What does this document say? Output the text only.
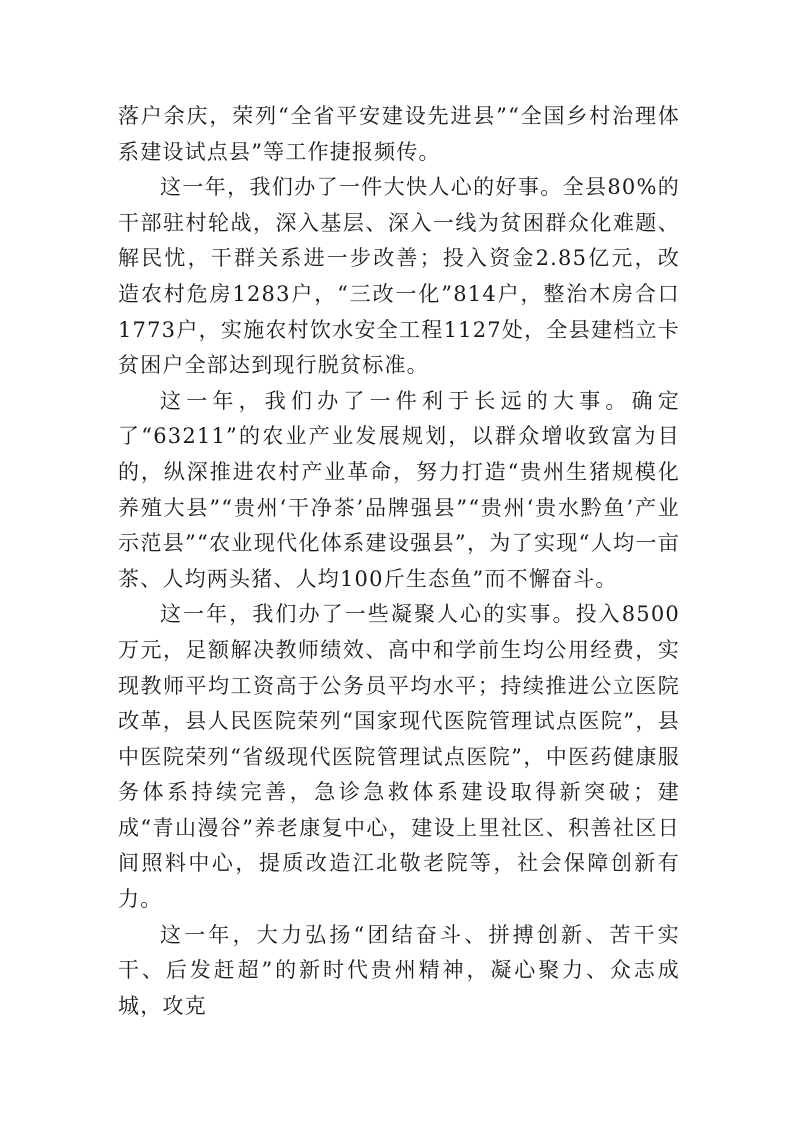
落户余庆，荣列“全省平安建设先进县”“全国乡村治理体系建设试点县”等工作捷报频传。

这一年，我们办了一件大快人心的好事。全县80%的干部驻村轮战，深入基层、深入一线为贫困群众化难题、解民忧，干群关系进一步改善；投入资金2.85亿元，改造农村危房1283户，“三改一化”814户，整治木房合口1773户，实施农村饮水安全工程1127处，全县建档立卡贫困户全部达到现行脱贫标准。

这一年，我们办了一件利于长远的大事。确定了“63211”的农业产业发展规划，以群众增收致富为目的，纵深推进农村产业革命，努力打造“贵州生猪规模化养殖大县”“贵州‘干净茶’品牌强县”“贵州‘贵水黔鱼’产业示范县”“农业现代化体系建设强县”，为了实现“人均一亩茶、人均两头猪、人均100斤生态鱼”而不懈奋斗。

这一年，我们办了一些凝聚人心的实事。投入8500万元，足额解决教师绩效、高中和学前生均公用经费，实现教师平均工资高于公务员平均水平；持续推进公立医院改革，县人民医院荣列“国家现代医院管理试点医院”，县中医院荣列“省级现代医院管理试点医院”，中医药健康服务体系持续完善，急诊急救体系建设取得新突破；建成“青山漫谷”养老康复中心，建设上里社区、积善社区日间照料中心，提质改造江北敬老院等，社会保障创新有力。

这一年，大力弘扬“团结奋斗、拼搏创新、苦干实干、后发赶超”的新时代贵州精神，凝心聚力、众志成城，攻克
